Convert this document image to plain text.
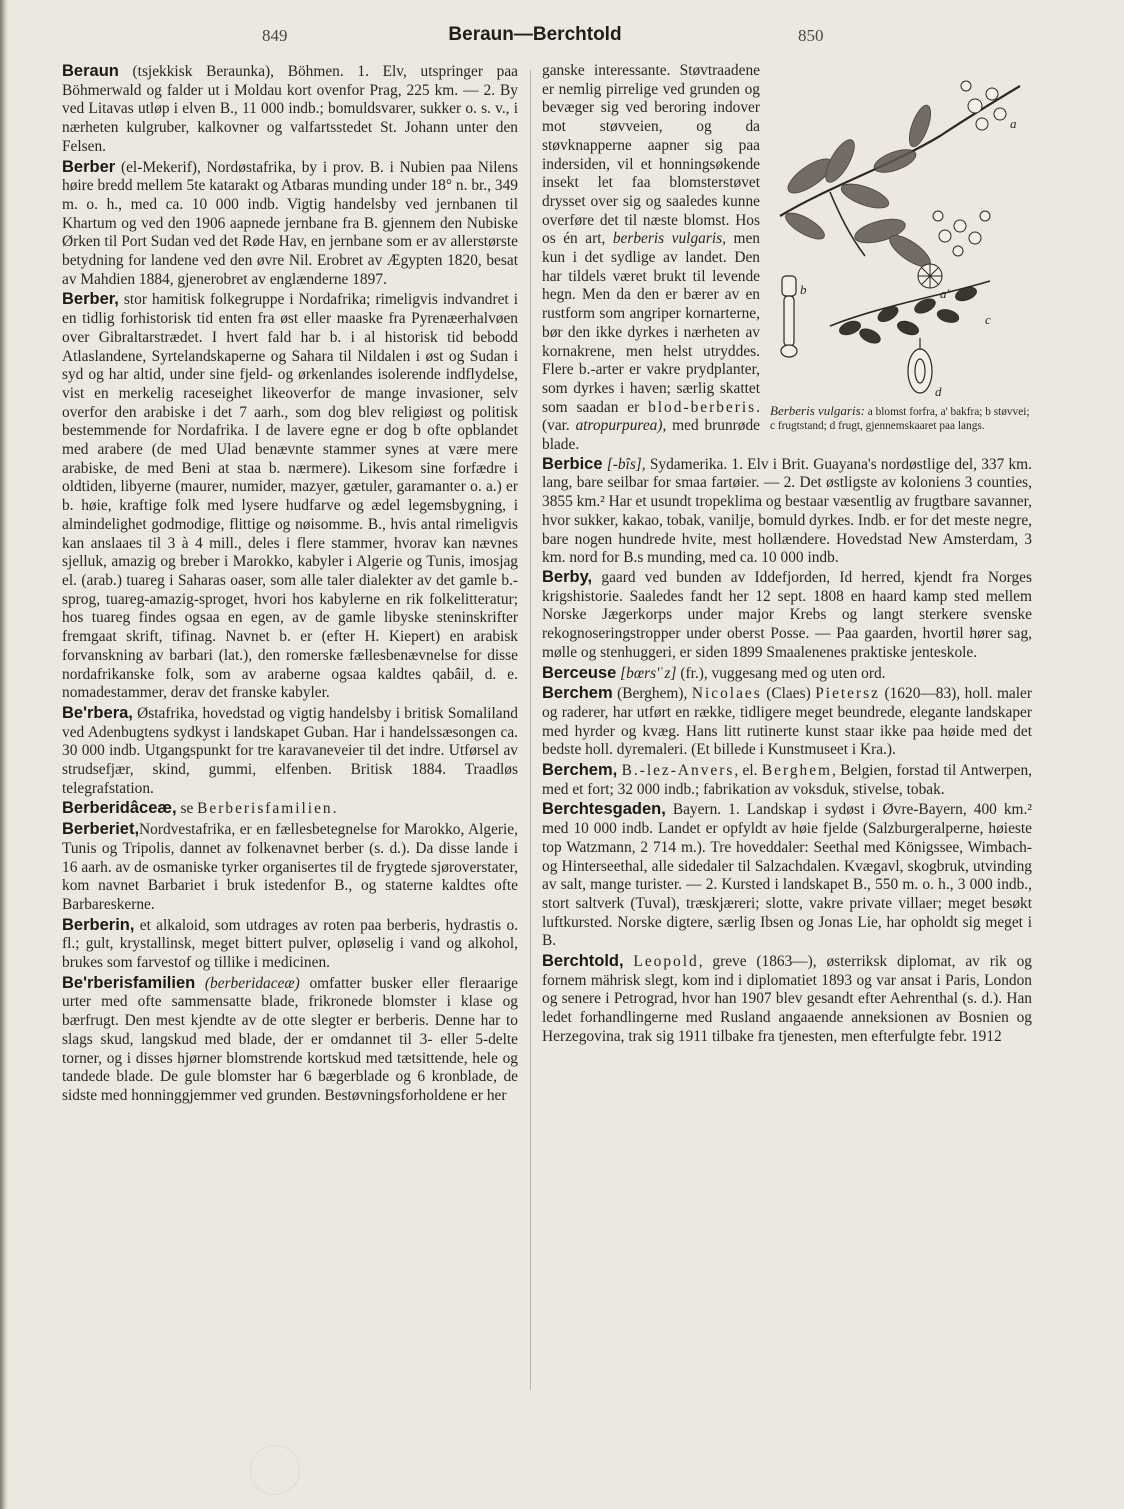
849	Beraun—Berchtold	850

Beraun (tsjekkisk Beraunka), Böhmen. 1. Elv, utspringer paa Böhmerwald og falder ut i Moldau kort ovenfor Prag, 225 km. — 2. By ved Litavas utløp i elven B., 11 000 indb.; bomuldsvarer, sukker o. s. v., i nærheten kulgruber, kalkovner og valfartsstedet St. Johann unter den Felsen.

Berber (el-Mekerif), Nordøstafrika, by i prov. B. i Nubien paa Nilens høire bredd mellem 5te katarakt og Atbaras munding under 18° n. br., 349 m. o. h., med ca. 10 000 indb. Vigtig handelsby ved jernbanen til Khartum og ved den 1906 aapnede jernbane fra B. gjennem den Nubiske Ørken til Port Sudan ved det Røde Hav, en jernbane som er av allerstørste betydning for landene ved den øvre Nil. Erobret av Ægypten 1820, besat av Mahdien 1884, gjenerobret av englænderne 1897.

Berber, stor hamitisk folkegruppe i Nordafrika; rimeligvis indvandret i en tidlig forhistorisk tid enten fra øst eller maaske fra Pyrenæerhalvøen over Gibraltarstrædet. I hvert fald har b. i al historisk tid bebodd Atlaslandene, Syrtelandskaperne og Sahara til Nildalen i øst og Sudan i syd og har altid, under sine fjeld- og ørkenlandes isolerende indflydelse, vist en merkelig raceseighet likeoverfor de mange invasioner, selv overfor den arabiske i det 7 aarh., som dog blev religiøst og politisk bestemmende for Nordafrika. I de lavere egne er dog b ofte opblandet med arabere (de med Ulad benævnte stammer synes at være mere arabiske, de med Beni at staa b. nærmere). Likesom sine forfædre i oldtiden, libyerne (maurer, numider, mazyer, gætuler, garamanter o. a.) er b. høie, kraftige folk med lysere hudfarve og ædel legemsbygning, i almindelighet godmodige, flittige og nøisomme. B., hvis antal rimeligvis kan anslaaes til 3 à 4 mill., deles i flere stammer, hvorav kan nævnes sjelluk, amazig og breber i Marokko, kabyler i Algerie og Tunis, imosjag el. (arab.) tuareg i Saharas oaser, som alle taler dialekter av det gamle b.-sprog, tuareg-amazig-sproget, hvori hos kabylerne en rik folkelitteratur; hos tuareg findes ogsaa en egen, av de gamle libyske steninskrifter fremgaat skrift, tifinag. Navnet b. er (efter H. Kiepert) en arabisk forvanskning av barbari (lat.), den romerske fællesbenævnelse for disse nordafrikanske folk, som av araberne ogsaa kaldtes qabâil, d. e. nomadestammer, derav det franske kabyler.

Be'rbera, Østafrika, hovedstad og vigtig handelsby i britisk Somaliland ved Adenbugtens sydkyst i landskapet Guban. Har i handelssæsongen ca. 30 000 indb. Utgangspunkt for tre karavaneveier til det indre. Utførsel av strudsefjær, skind, gummi, elfenben. Britisk 1884. Traadløs telegrafstation.

Berberidâceæ, se Berberisfamilien.

Berberiet,Nordvestafrika, er en fællesbetegnelse for Marokko, Algerie, Tunis og Tripolis, dannet av folkenavnet berber (s. d.). Da disse lande i 16 aarh. av de osmaniske tyrker organisertes til de frygtede sjøroverstater, kom navnet Barbariet i bruk istedenfor B., og staterne kaldtes ofte Barbareskerne.

Berberin, et alkaloid, som utdrages av roten paa berberis, hydrastis o. fl.; gult, krystallinsk, meget bittert pulver, opløselig i vand og alkohol, brukes som farvestof og tillike i medicinen.

Be'rberisfamilien (berberidaceæ) omfatter busker eller fleraarige urter med ofte sammensatte blade, frikronede blomster i klase og bærfrugt. Den mest kjendte av de otte slegter er berberis. Denne har to slags skud, langskud med blade, der er omdannet til 3- eller 5-delte torner, og i disses hjørner blomstrende kortskud med tætsittende, hele og tandede blade. De gule blomster har 6 bægerblade og 6 kronblade, de sidste med honninggjemmer ved grunden. Bestøvningsforholdene er her

a
a'
b
c
d
Berberis vulgaris: a blomst forfra, a' bakfra; b støvvei; c frugtstand; d frugt, gjennemskaaret paa langs.
ganske interessante. Støvtraadene er nemlig pirrelige ved grunden og bevæger sig ved beroring indover mot støvveien, og da støvknapperne aapner sig paa indersiden, vil et honningsøkende insekt let faa blomsterstøvet drysset over sig og saaledes kunne overføre det til næste blomst. Hos os én art, berberis vulgaris, men kun i det sydlige av landet. Den har tildels været brukt til levende hegn. Men da den er bærer av en rustform som angriper kornarterne, bør den ikke dyrkes i nærheten av kornakrene, men helst utryddes. Flere b.-arter er vakre prydplanter, som dyrkes i haven; særlig skattet som saadan er blod-berberis. (var. atropurpurea), med brunrøde blade.
Berbice [-bîs], Sydamerika. 1. Elv i Brit. Guayana's nordøstlige del, 337 km. lang, bare seilbar for smaa fartøier. — 2. Det østligste av koloniens 3 counties, 3855 km.² Har et usundt tropeklima og bestaar væsentlig av frugtbare savanner, hvor sukker, kakao, tobak, vanilje, bomuld dyrkes. Indb. er for det meste negre, bare nogen hundrede hvite, mest hollændere. Hovedstad New Amsterdam, 3 km. nord for B.s munding, med ca. 10 000 indb.

Berby, gaard ved bunden av Iddefjorden, Id herred, kjendt fra Norges krigshistorie. Saaledes fandt her 12 sept. 1808 en haard kamp sted mellem Norske Jægerkorps under major Krebs og langt sterkere svenske rekognoseringstropper under oberst Posse. — Paa gaarden, hvortil hører sag, mølle og stenhuggeri, er siden 1899 Smaalenenes praktiske jenteskole.

Berceuse [bœrs'ˈz] (fr.), vuggesang med og uten ord.

Berchem (Berghem), Nicolaes (Claes) Pietersz (1620—83), holl. maler og raderer, har utført en række, tidligere meget beundrede, elegante landskaper med hyrder og kvæg. Hans litt rutinerte kunst staar ikke paa høide med det bedste holl. dyremaleri. (Et billede i Kunstmuseet i Kra.).

Berchem, B.-lez-Anvers, el. Berghem, Belgien, forstad til Antwerpen, med et fort; 32 000 indb.; fabrikation av voksduk, stivelse, tobak.

Berchtesgaden, Bayern. 1. Landskap i sydøst i Øvre-Bayern, 400 km.² med 10 000 indb. Landet er opfyldt av høie fjelde (Salzburgeralperne, høieste top Watzmann, 2 714 m.). Tre hoveddaler: Seethal med Königssee, Wimbach- og Hinterseethal, alle sidedaler til Salzachdalen. Kvægavl, skogbruk, utvinding av salt, mange turister. — 2. Kursted i landskapet B., 550 m. o. h., 3 000 indb., stort saltverk (Tuval), træskjæreri; slotte, vakre private villaer; meget besøkt luftkursted. Norske digtere, særlig Ibsen og Jonas Lie, har opholdt sig meget i B.

Berchtold, Leopold, greve (1863—), østerriksk diplomat, av rik og fornem mährisk slegt, kom ind i diplomatiet 1893 og var ansat i Paris, London og senere i Petrograd, hvor han 1907 blev gesandt efter Aehrenthal (s. d.). Han ledet forhandlingerne med Rusland angaaende anneksionen av Bosnien og Herzegovina, trak sig 1911 tilbake fra tjenesten, men efterfulgte febr. 1912
